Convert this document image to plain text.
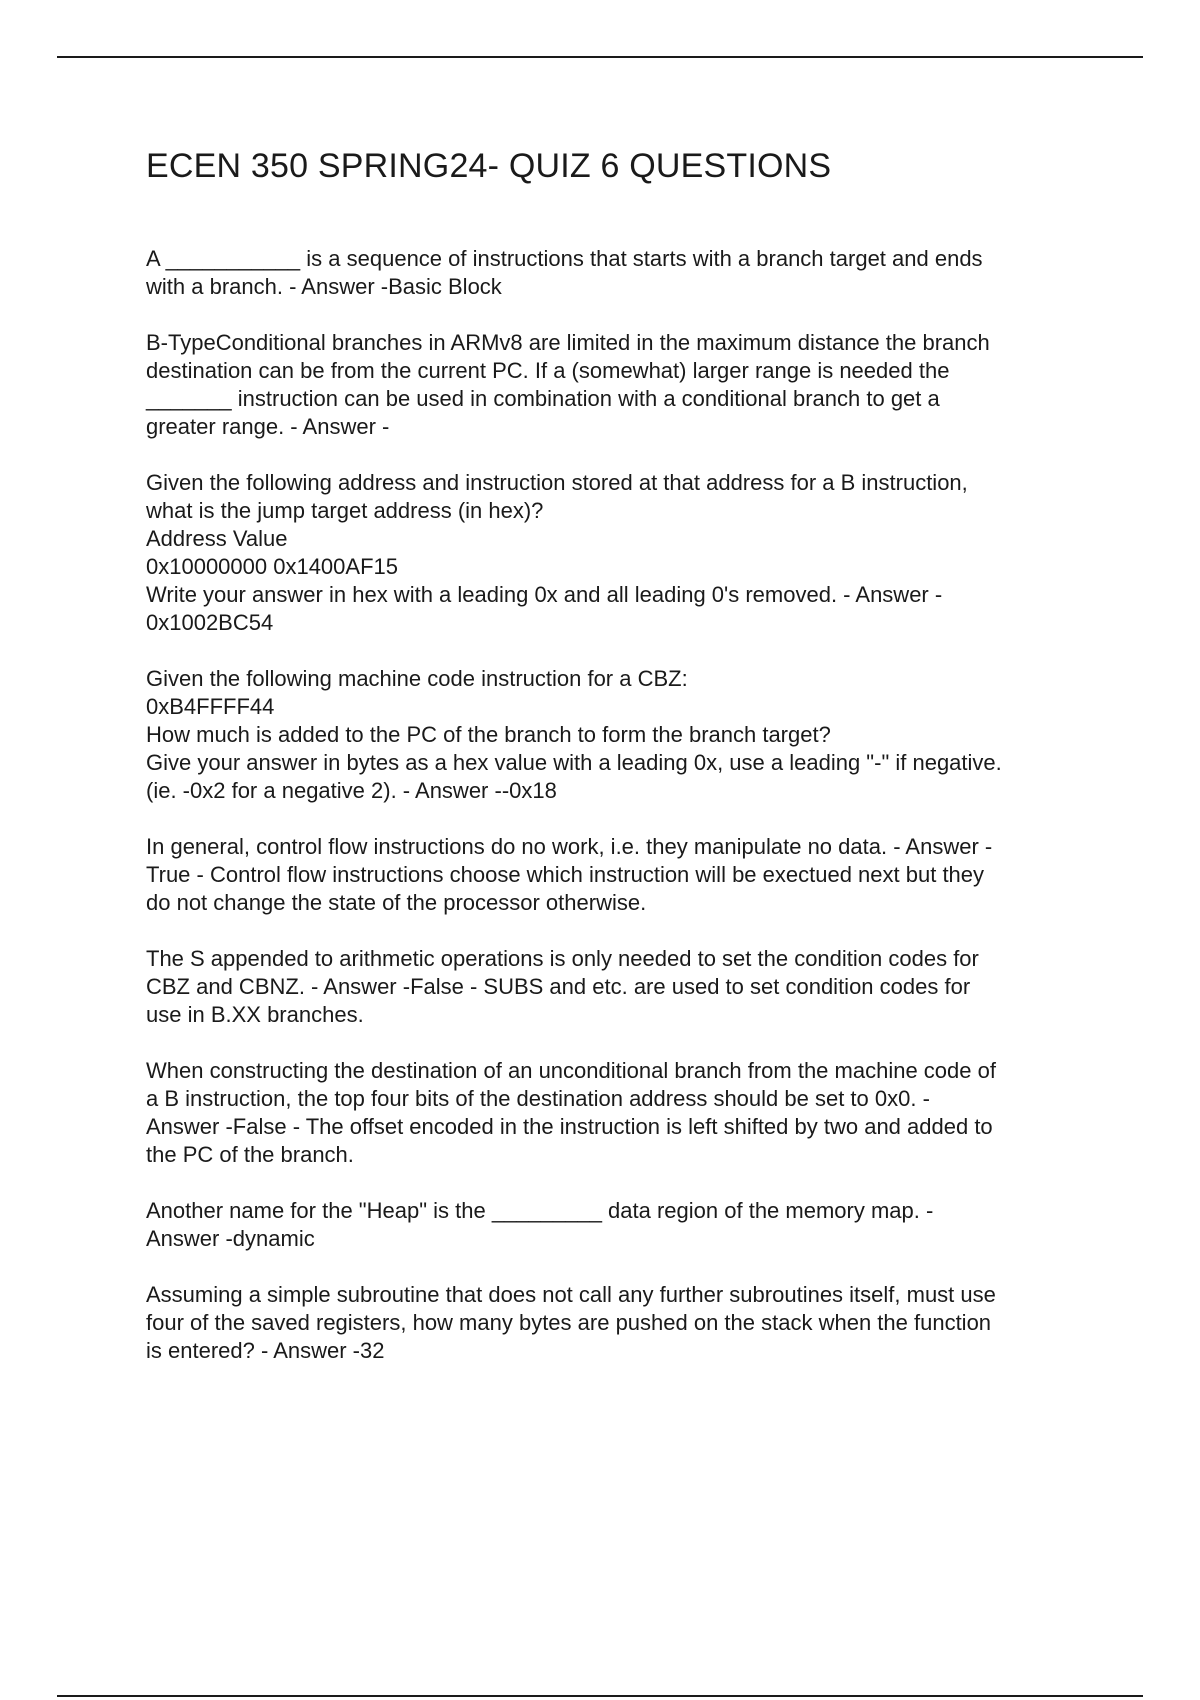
ECEN 350 SPRING24- QUIZ 6 QUESTIONS

A ___________ is a sequence of instructions that starts with a branch target and ends
with a branch. - Answer -Basic Block

B-TypeConditional branches in ARMv8 are limited in the maximum distance the branch
destination can be from the current PC. If a (somewhat) larger range is needed the
_______ instruction can be used in combination with a conditional branch to get a
greater range. - Answer -

Given the following address and instruction stored at that address for a B instruction,
what is the jump target address (in hex)?
Address Value
0x10000000 0x1400AF15
Write your answer in hex with a leading 0x and all leading 0's removed. - Answer -
0x1002BC54

Given the following machine code instruction for a CBZ:
0xB4FFFF44
How much is added to the PC of the branch to form the branch target?
Give your answer in bytes as a hex value with a leading 0x, use a leading "-" if negative.
(ie. -0x2 for a negative 2). - Answer --0x18

In general, control flow instructions do no work, i.e. they manipulate no data. - Answer -
True - Control flow instructions choose which instruction will be exectued next but they
do not change the state of the processor otherwise.

The S appended to arithmetic operations is only needed to set the condition codes for
CBZ and CBNZ. - Answer -False - SUBS and etc. are used to set condition codes for
use in B.XX branches.

When constructing the destination of an unconditional branch from the machine code of
a B instruction, the top four bits of the destination address should be set to 0x0. -
Answer -False - The offset encoded in the instruction is left shifted by two and added to
the PC of the branch.

Another name for the "Heap" is the _________ data region of the memory map. -
Answer -dynamic

Assuming a simple subroutine that does not call any further subroutines itself, must use
four of the saved registers, how many bytes are pushed on the stack when the function
is entered? - Answer -32
